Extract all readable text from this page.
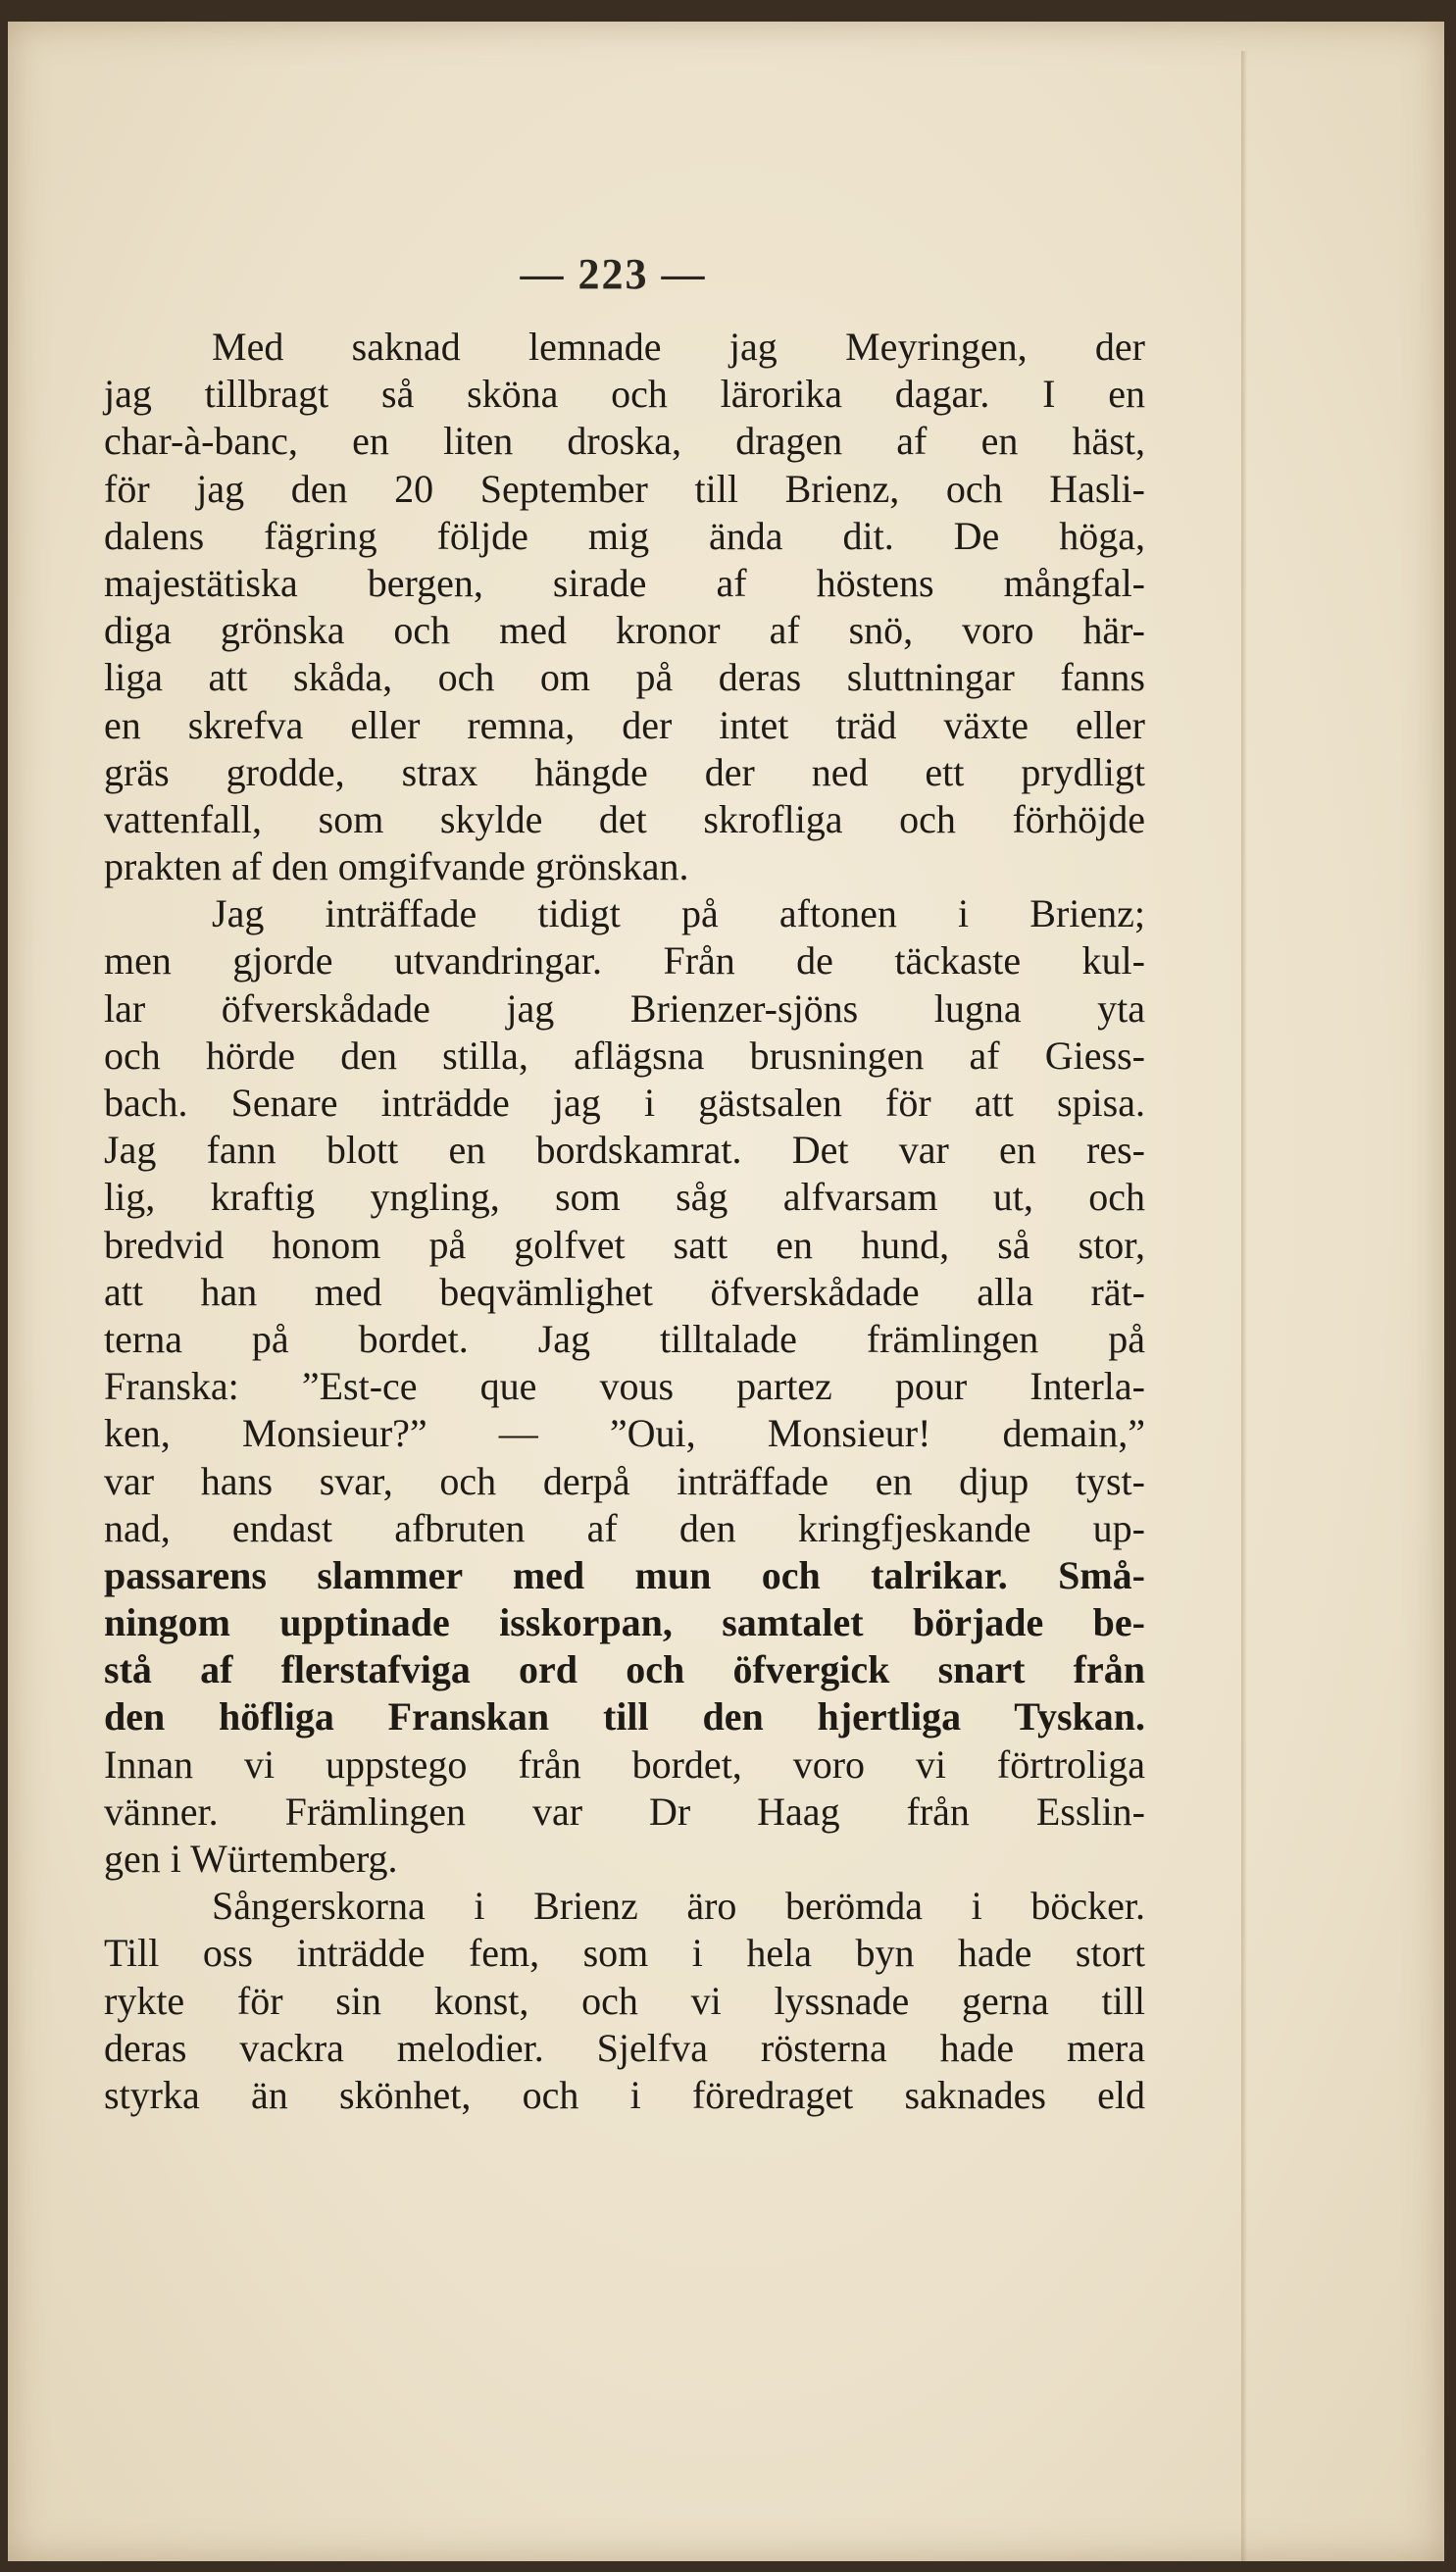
— 223 —
Med saknad lemnade jag Meyringen, der
jag tillbragt så sköna och lärorika dagar. I en
char-à-banc, en liten droska, dragen af en häst,
för jag den 20 September till Brienz, och Hasli-
dalens fägring följde mig ända dit. De höga,
majestätiska bergen, sirade af höstens mångfal-
diga grönska och med kronor af snö, voro här-
liga att skåda, och om på deras sluttningar fanns
en skrefva eller remna, der intet träd växte eller
gräs grodde, strax hängde der ned ett prydligt
vattenfall, som skylde det skrofliga och förhöjde
prakten af den omgifvande grönskan.
Jag inträffade tidigt på aftonen i Brienz;
men gjorde utvandringar. Från de täckaste kul-
lar öfverskådade jag Brienzer-sjöns lugna yta
och hörde den stilla, aflägsna brusningen af Giess-
bach. Senare inträdde jag i gästsalen för att spisa.
Jag fann blott en bordskamrat. Det var en res-
lig, kraftig yngling, som såg alfvarsam ut, och
bredvid honom på golfvet satt en hund, så stor,
att han med beqvämlighet öfverskådade alla rät-
terna på bordet. Jag tilltalade främlingen på
Franska: ”Est-ce que vous partez pour Interla-
ken, Monsieur?” — ”Oui, Monsieur! demain,”
var hans svar, och derpå inträffade en djup tyst-
nad, endast afbruten af den kringfjeskande up-
passarens slammer med mun och talrikar. Små-
ningom upptinade isskorpan, samtalet började be-
stå af flerstafviga ord och öfvergick snart från
den höfliga Franskan till den hjertliga Tyskan.
Innan vi uppstego från bordet, voro vi förtroliga
vänner. Främlingen var Dr Haag från Esslin-
gen i Würtemberg.
Sångerskorna i Brienz äro berömda i böcker.
Till oss inträdde fem, som i hela byn hade stort
rykte för sin konst, och vi lyssnade gerna till
deras vackra melodier. Sjelfva rösterna hade mera
styrka än skönhet, och i föredraget saknades eld
